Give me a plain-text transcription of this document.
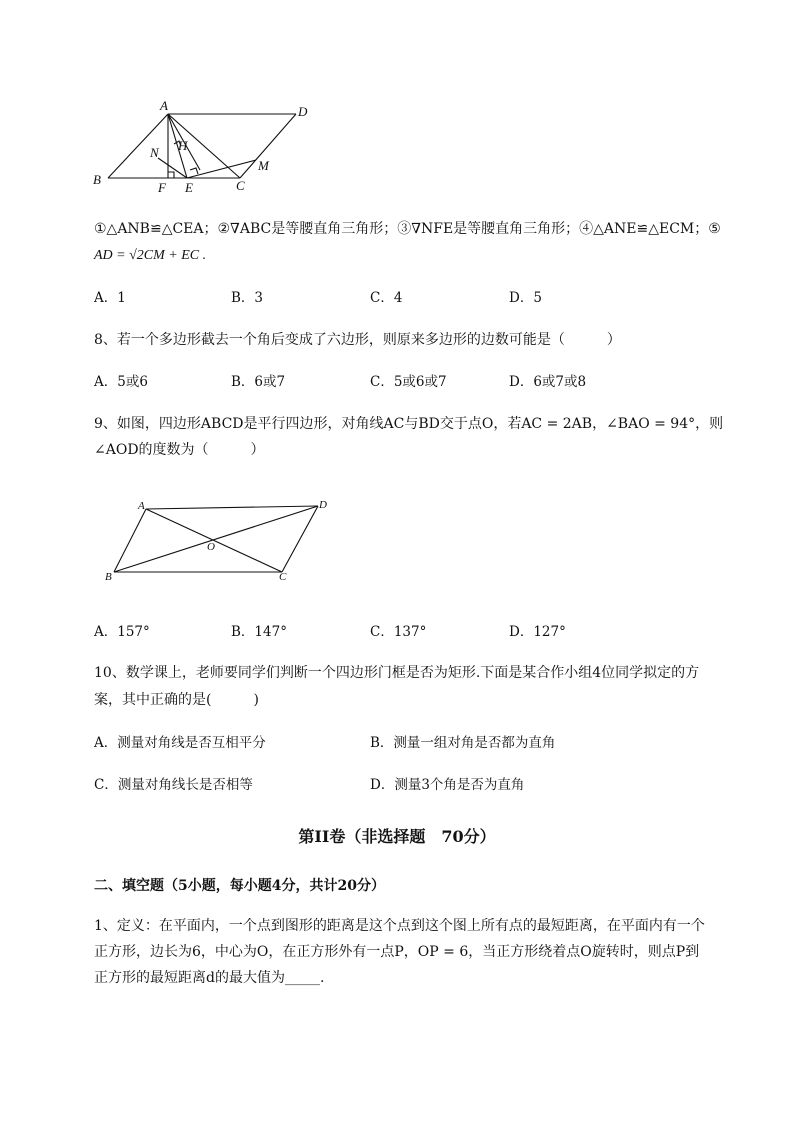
A	D
B
N H
F E	C
M
①△ANB≌△CEA；②∇ABC是等腰直角三角形；③∇NFE是等腰直角三角形；④△ANE≌△ECM；⑤
AD = √2CM + EC .
A．1	B．3	C．4	D．5
8、若一个多边形截去一个角后变成了六边形，则原来多边形的边数可能是（　　　）
A．5或6	B．6或7	C．5或6或7	D．6或7或8
9、如图，四边形ABCD是平行四边形，对角线AC与BD交于点O，若AC = 2AB，∠BAO = 94°，则
∠AOD的度数为（　　　）
A	D
O
B	C
A．157°	B．147°	C．137°	D．127°
10、数学课上，老师要同学们判断一个四边形门框是否为矩形.下面是某合作小组4位同学拟定的方
案，其中正确的是(　　　)
A．测量对角线是否互相平分	B．测量一组对角是否都为直角
C．测量对角线长是否相等	D．测量3个角是否为直角
第II卷（非选择题　70分）
二、填空题（5小题，每小题4分，共计20分）
1、定义：在平面内，一个点到图形的距离是这个点到这个图上所有点的最短距离，在平面内有一个
正方形，边长为6，中心为O，在正方形外有一点P，OP = 6，当正方形绕着点O旋转时，则点P到
正方形的最短距离d的最大值为_____.
